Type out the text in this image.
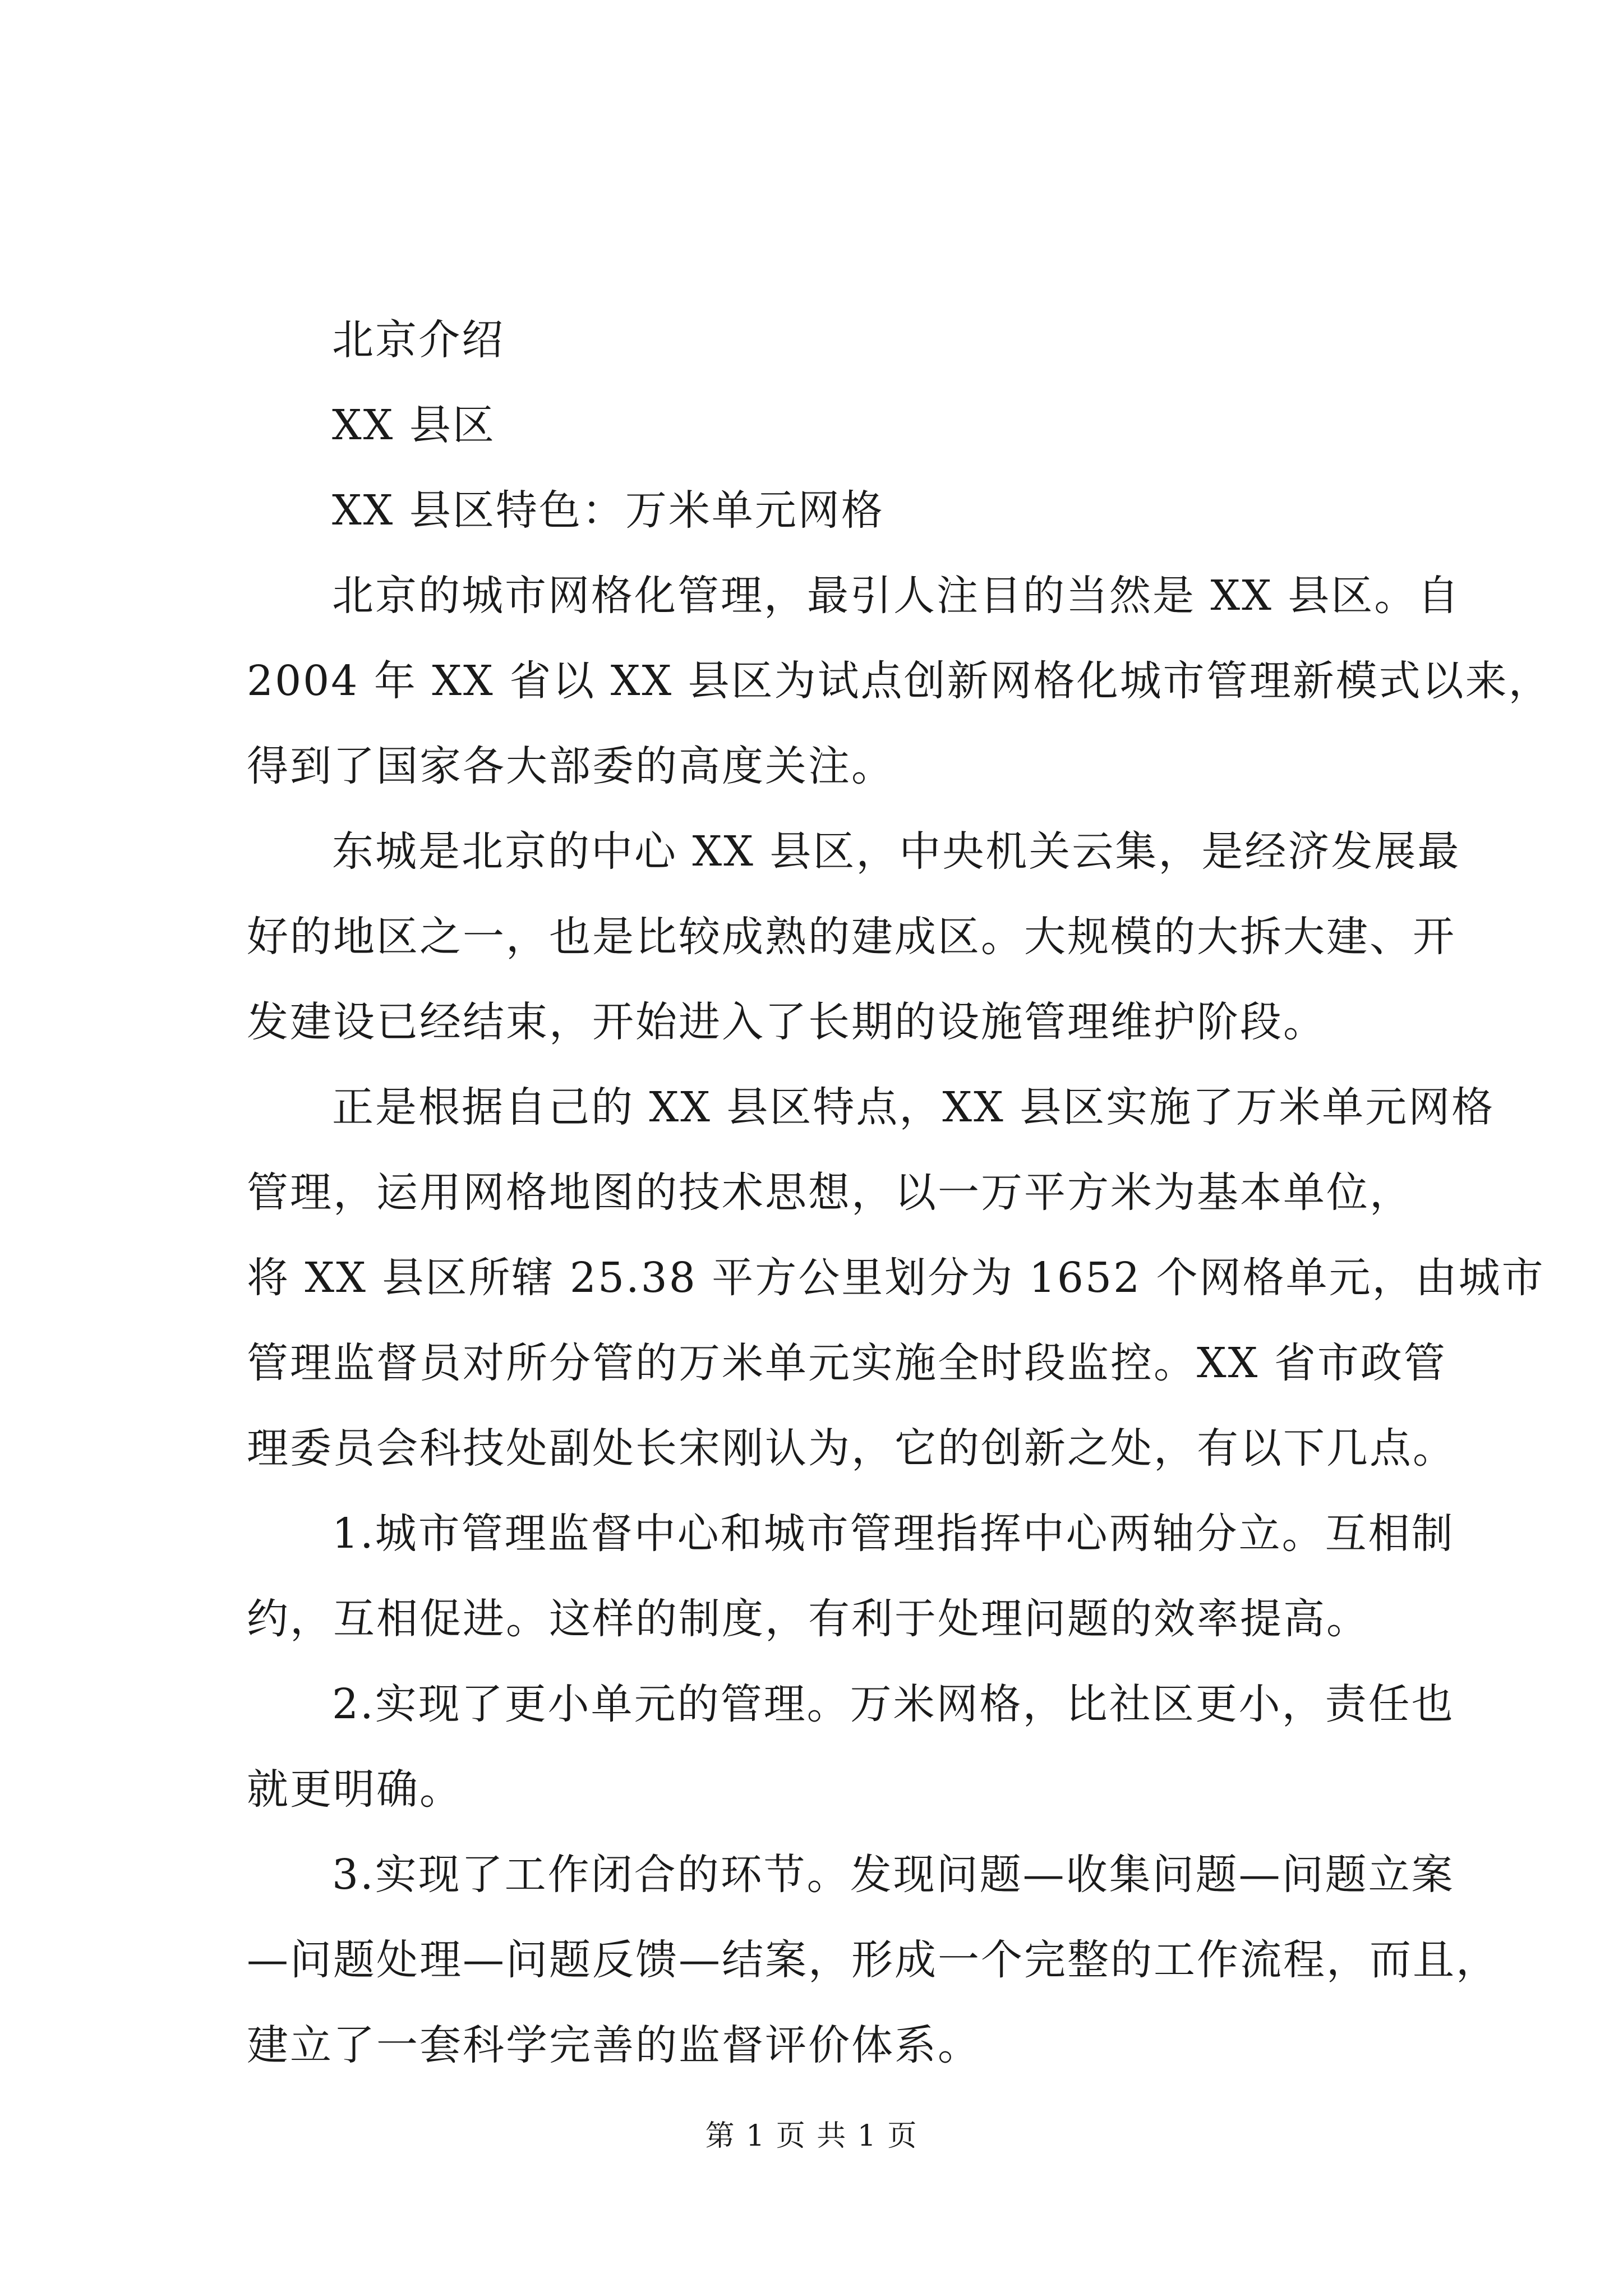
北京介绍
XX 县区
XX 县区特色：万米单元网格
北京的城市网格化管理，最引人注目的当然是 XX 县区。自
2004 年 XX 省以 XX 县区为试点创新网格化城市管理新模式以来，
得到了国家各大部委的高度关注。
东城是北京的中心 XX 县区，中央机关云集，是经济发展最
好的地区之一，也是比较成熟的建成区。大规模的大拆大建、开
发建设已经结束，开始进入了长期的设施管理维护阶段。
正是根据自己的 XX 县区特点，XX 县区实施了万米单元网格
管理，运用网格地图的技术思想，以一万平方米为基本单位，
将 XX 县区所辖 25.38 平方公里划分为 1652 个网格单元，由城市
管理监督员对所分管的万米单元实施全时段监控。XX 省市政管
理委员会科技处副处长宋刚认为，它的创新之处，有以下几点。
1.城市管理监督中心和城市管理指挥中心两轴分立。互相制
约，互相促进。这样的制度，有利于处理问题的效率提高。
2.实现了更小单元的管理。万米网格，比社区更小，责任也
就更明确。
3.实现了工作闭合的环节。发现问题—收集问题—问题立案
—问题处理—问题反馈—结案，形成一个完整的工作流程，而且，
建立了一套科学完善的监督评价体系。
第 1 页 共 1 页
